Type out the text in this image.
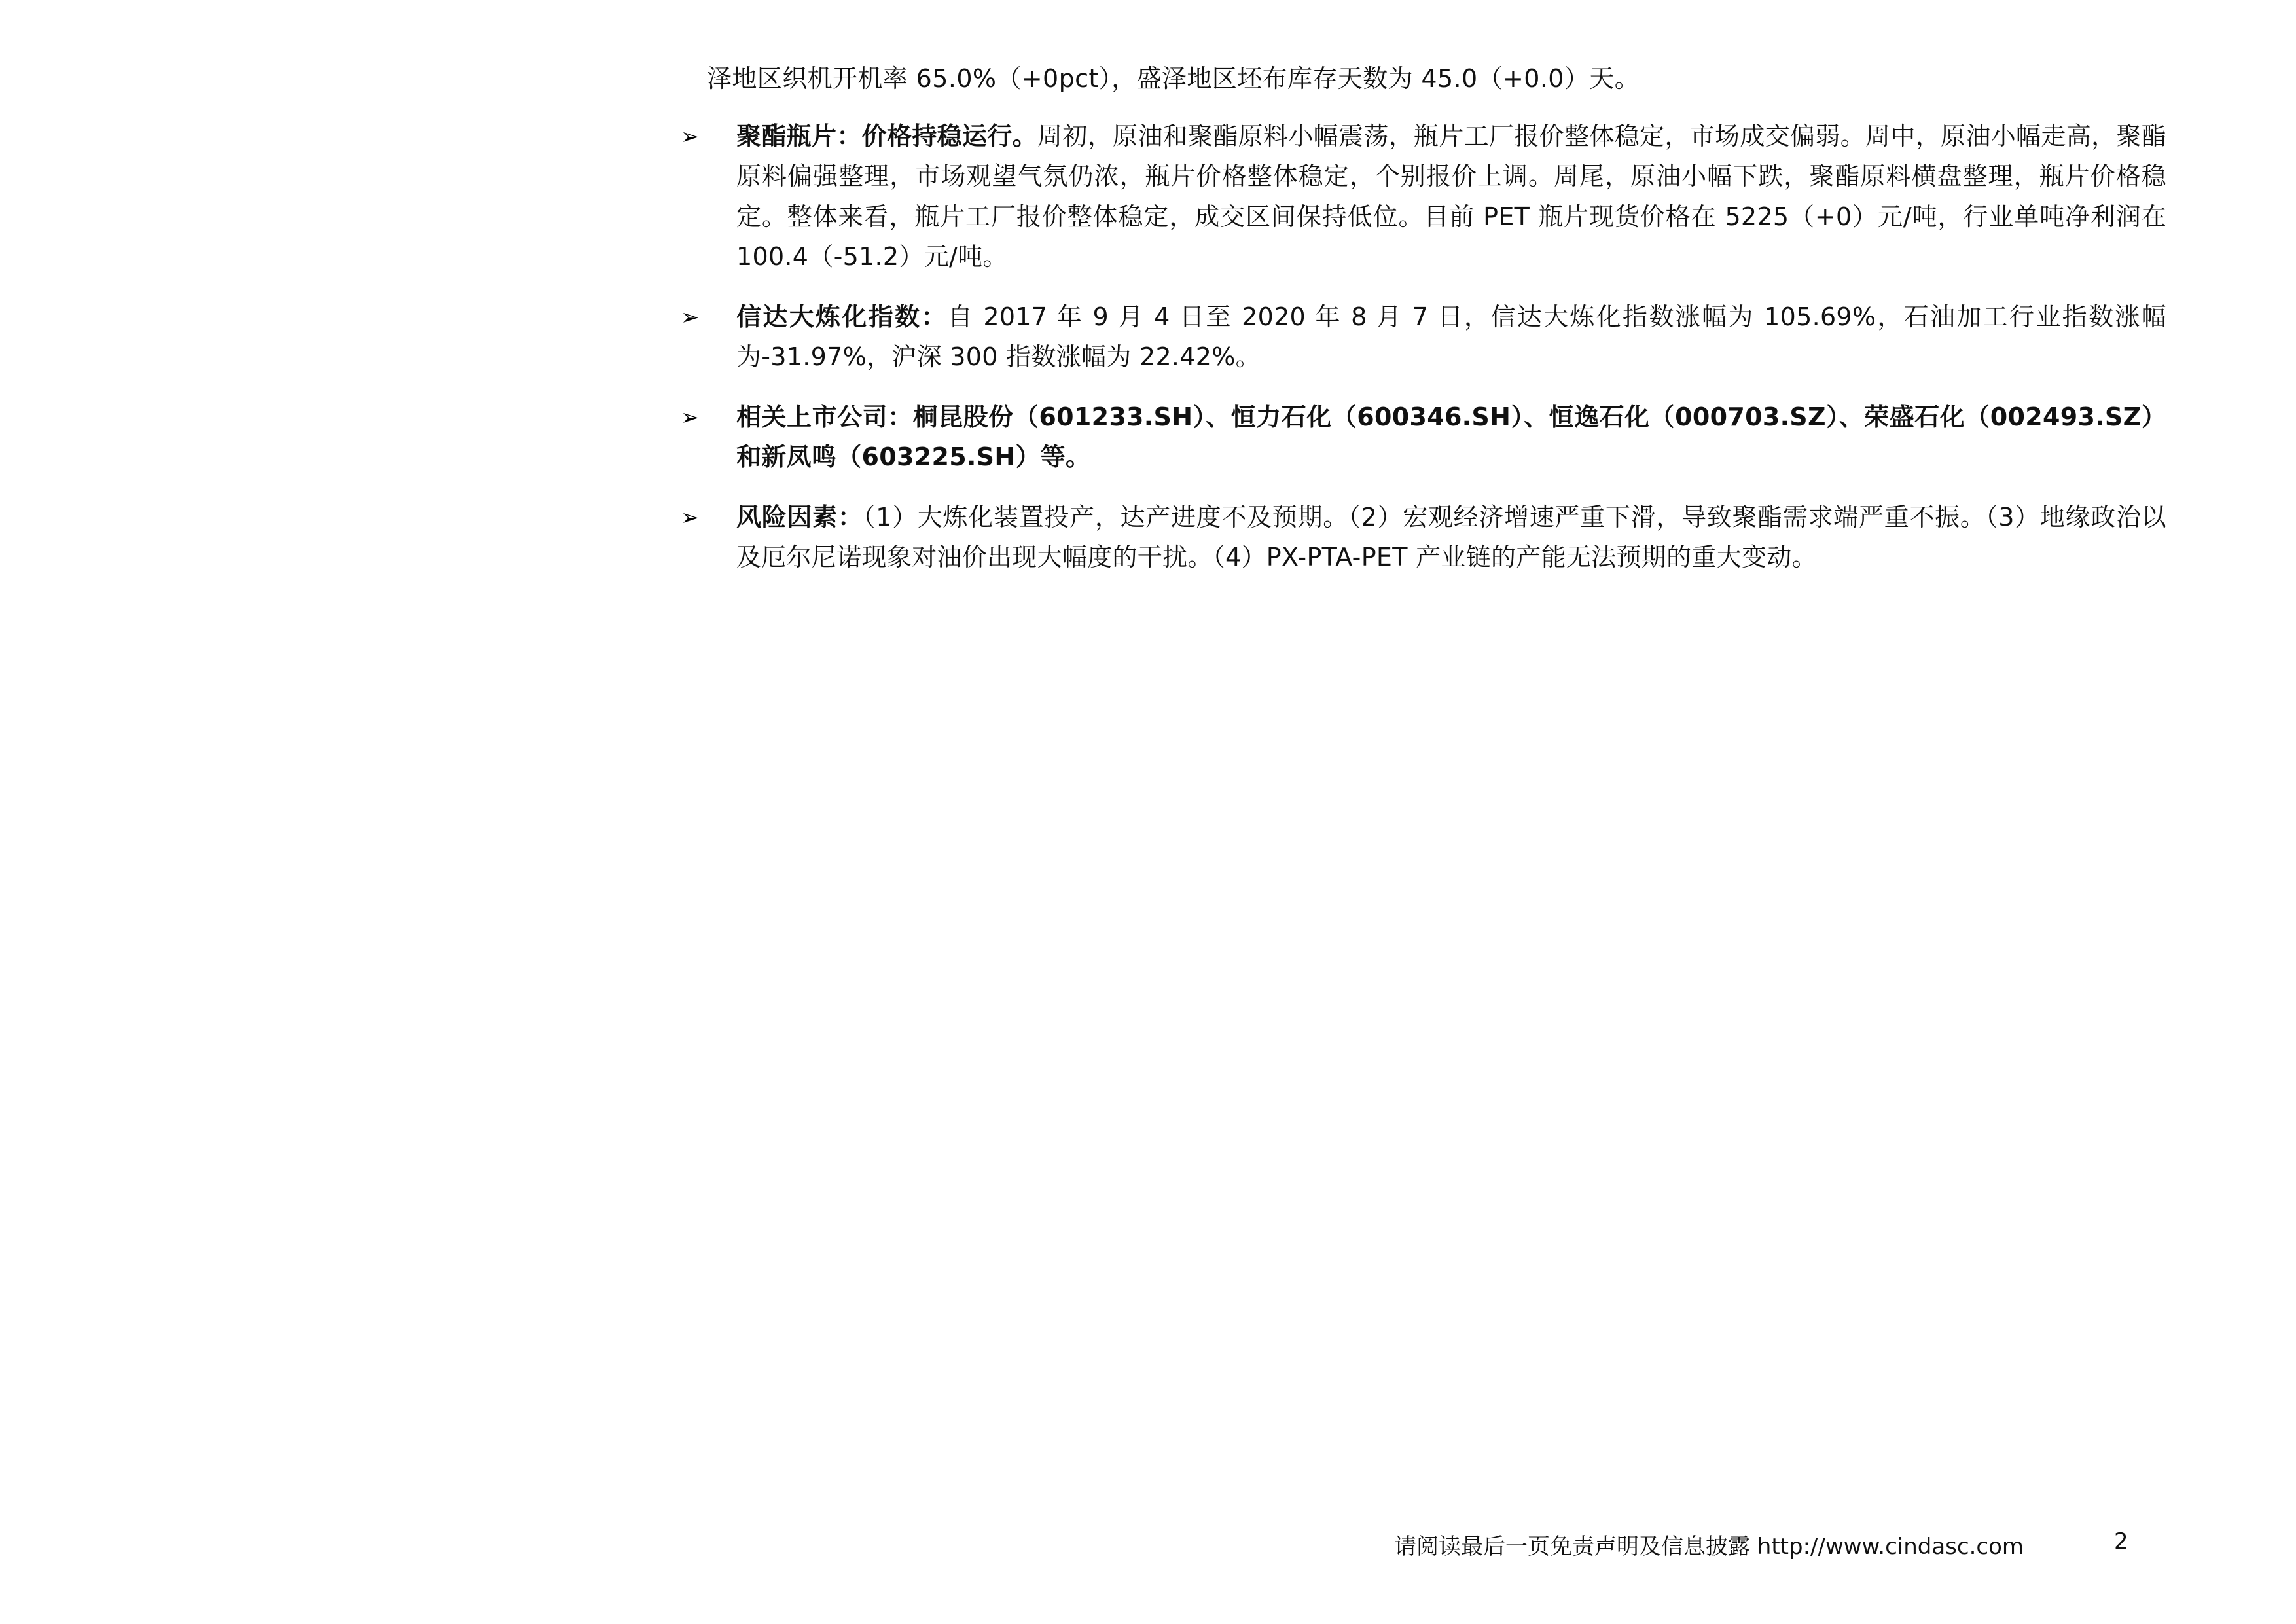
泽地区织机开机率 65.0%（+0pct），盛泽地区坯布库存天数为 45.0（+0.0）天。

➢ 聚酯瓶片：价格持稳运行。周初，原油和聚酯原料小幅震荡，瓶片工厂报价整体稳定，市场成交偏弱。周中，原油小幅走高，聚酯原料偏强整理，市场观望气氛仍浓，瓶片价格整体稳定，个别报价上调。周尾，原油小幅下跌，聚酯原料横盘整理，瓶片价格稳定。整体来看，瓶片工厂报价整体稳定，成交区间保持低位。目前 PET 瓶片现货价格在 5225（+0）元/吨，行业单吨净利润在 100.4（-51.2）元/吨。

➢ 信达大炼化指数：自 2017 年 9 月 4 日至 2020 年 8 月 7 日，信达大炼化指数涨幅为 105.69%，石油加工行业指数涨幅为-31.97%，沪深 300 指数涨幅为 22.42%。

➢ 相关上市公司：桐昆股份（601233.SH）、恒力石化（600346.SH）、恒逸石化（000703.SZ）、荣盛石化（002493.SZ）和新凤鸣（603225.SH）等。

➢ 风险因素：（1）大炼化装置投产，达产进度不及预期。（2）宏观经济增速严重下滑，导致聚酯需求端严重不振。（3）地缘政治以及厄尔尼诺现象对油价出现大幅度的干扰。（4）PX-PTA-PET 产业链的产能无法预期的重大变动。

请阅读最后一页免责声明及信息披露 http://www.cindasc.com	2
